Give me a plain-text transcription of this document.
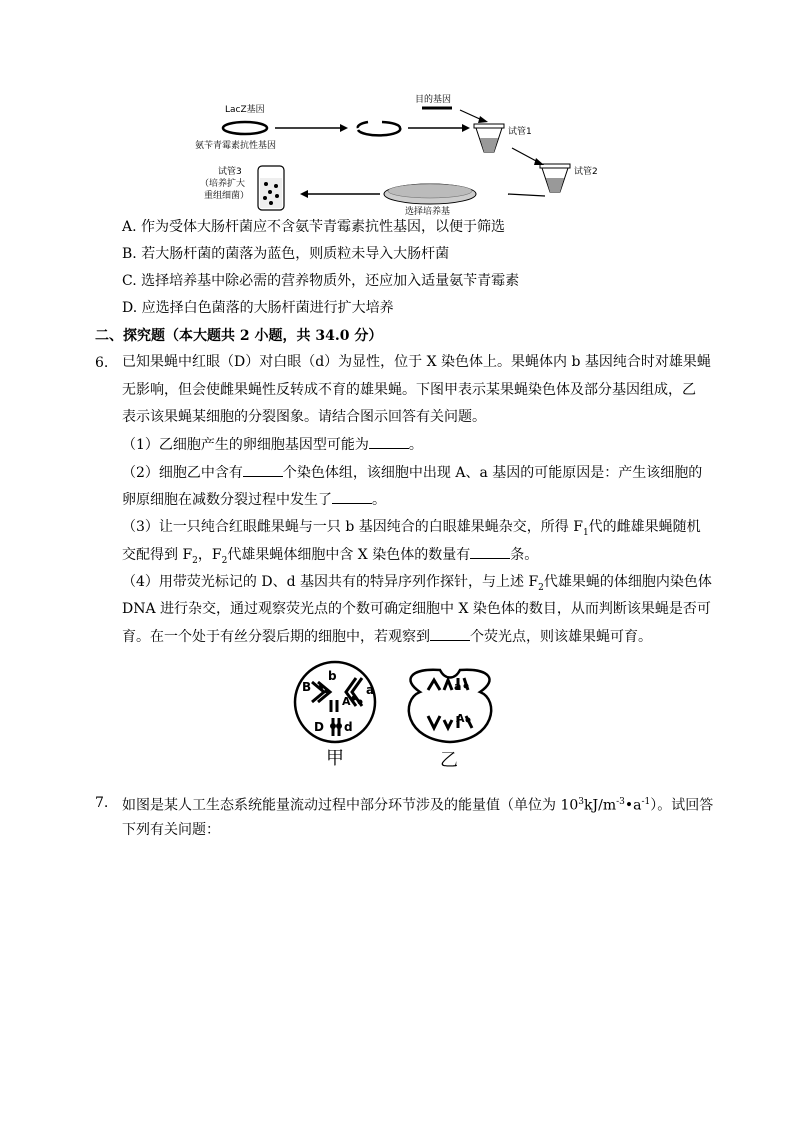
LacZ基因
氨苄青霉素抗性基因
目的基因
试管1
试管2
选择培养基
试管3
（培养扩大
重组细菌）
A. 作为受体大肠杆菌应不含氨苄青霉素抗性基因，以便于筛选
B. 若大肠杆菌的菌落为蓝色，则质粒未导入大肠杆菌
C. 选择培养基中除必需的营养物质外，还应加入适量氨苄青霉素
D. 应选择白色菌落的大肠杆菌进行扩大培养
二、探究题（本大题共 2 小题，共 34.0 分）
6. 已知果蝇中红眼（D）对白眼（d）为显性，位于 X 染色体上。果蝇体内 b 基因纯合时对雄果蝇
无影响，但会使雌果蝇性反转成不育的雄果蝇。下图甲表示某果蝇染色体及部分基因组成，乙
表示该果蝇某细胞的分裂图象。请结合图示回答有关问题。
（1）乙细胞产生的卵细胞基因型可能为	。
（2）细胞乙中含有	个染色体组，该细胞中出现 A、a 基因的可能原因是：产生该细胞的
卵原细胞在减数分裂过程中发生了	。
（3）让一只纯合红眼雌果蝇与一只 b 基因纯合的白眼雄果蝇杂交，所得 $F_1$代的雌雄果蝇随机
交配得到 $F_2$，$F_2$代雄果蝇体细胞中含 X 染色体的数量有	条。
（4）用带荧光标记的 D、d 基因共有的特异序列作探针，与上述 $F_2$代雄果蝇的体细胞内染色体
DNA 进行杂交，通过观察荧光点的个数可确定细胞中 X 染色体的数目，从而判断该果蝇是否可
育。在一个处于有丝分裂后期的细胞中，若观察到	个荧光点，则该雄果蝇可育。
B
b
A
a
D d
甲
a
A
乙
7. 如图是某人工生态系统能量流动过程中部分环节涉及的能量值（单位为 $10^3kJ/m^{-3}•a^{-1}$）。试回答
下列有关问题：
